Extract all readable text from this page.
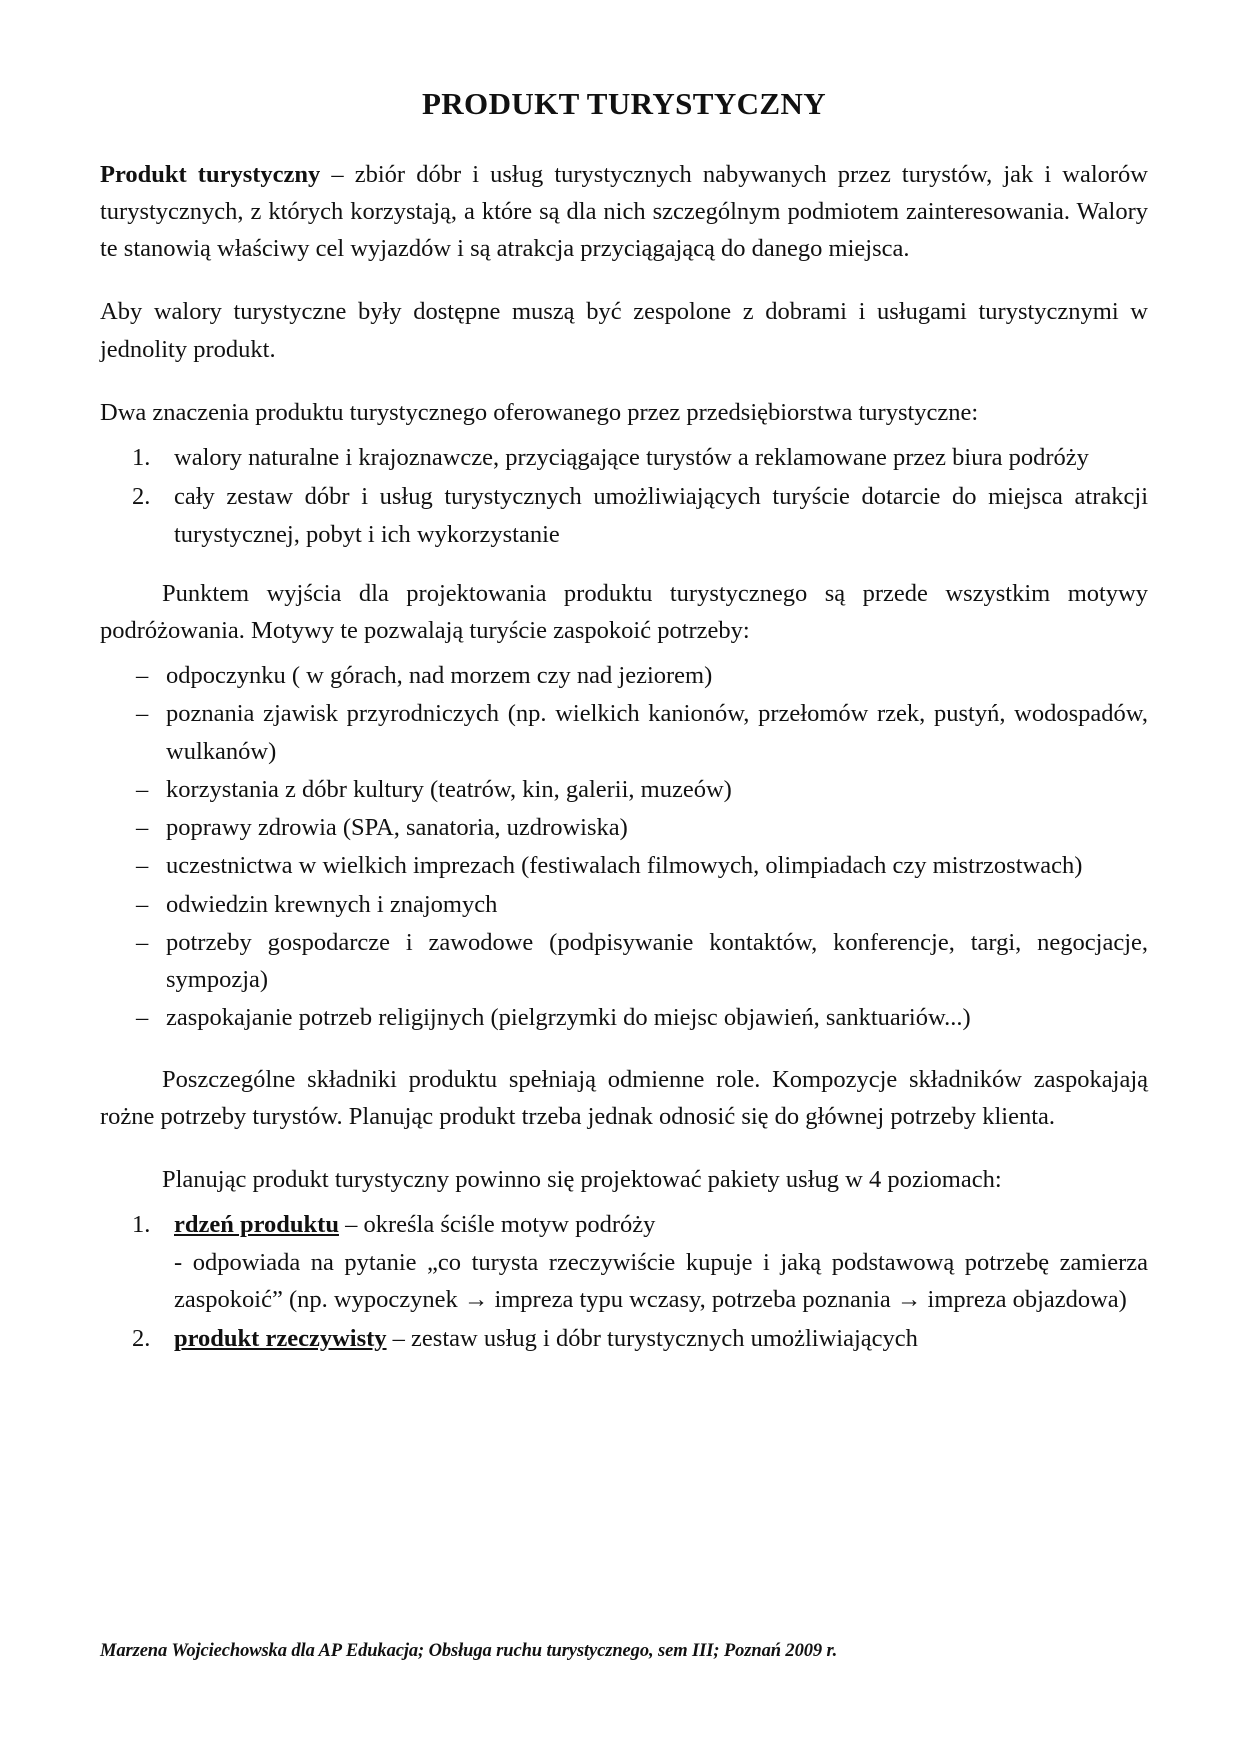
PRODUKT TURYSTYCZNY

Produkt turystyczny – zbiór dóbr i usług turystycznych nabywanych przez turystów, jak i walorów turystycznych, z których korzystają, a które są dla nich szczególnym podmiotem zainteresowania. Walory te stanowią właściwy cel wyjazdów i są atrakcja przyciągającą do danego miejsca.

Aby walory turystyczne były dostępne muszą być zespolone z dobrami i usługami turystycznymi w jednolity produkt.

Dwa znaczenia produktu turystycznego oferowanego przez przedsiębiorstwa turystyczne:

1. walory naturalne i krajoznawcze, przyciągające turystów a reklamowane przez biura podróży
2. cały zestaw dóbr i usług turystycznych umożliwiających turyście dotarcie do miejsca atrakcji turystycznej, pobyt i ich wykorzystanie

Punktem wyjścia dla projektowania produktu turystycznego są przede wszystkim motywy podróżowania. Motywy te pozwalają turyście zaspokoić potrzeby:

– odpoczynku ( w górach, nad morzem czy nad jeziorem)
– poznania zjawisk przyrodniczych (np. wielkich kanionów, przełomów rzek, pustyń, wodospadów, wulkanów)
– korzystania z dóbr kultury (teatrów, kin, galerii, muzeów)
– poprawy zdrowia (SPA, sanatoria, uzdrowiska)
– uczestnictwa w wielkich imprezach (festiwalach filmowych, olimpiadach czy mistrzostwach)
– odwiedzin krewnych i znajomych
– potrzeby gospodarcze i zawodowe (podpisywanie kontaktów, konferencje, targi, negocjacje, sympozja)
– zaspokajanie potrzeb religijnych (pielgrzymki do miejsc objawień, sanktuariów...)

Poszczególne składniki produktu spełniają odmienne role. Kompozycje składników zaspokajają rożne potrzeby turystów. Planując produkt trzeba jednak odnosić się do głównej potrzeby klienta.

Planując produkt turystyczny powinno się projektować pakiety usług w 4 poziomach:

1. rdzeń produktu – określa ściśle motyw podróży
- odpowiada na pytanie „co turysta rzeczywiście kupuje i jaką podstawową potrzebę zamierza zaspokoić” (np. wypoczynek → impreza typu wczasy, potrzeba poznania → impreza objazdowa)
2. produkt rzeczywisty – zestaw usług i dóbr turystycznych umożliwiających
Marzena Wojciechowska dla AP Edukacja; Obsługa ruchu turystycznego, sem III; Poznań 2009 r.
